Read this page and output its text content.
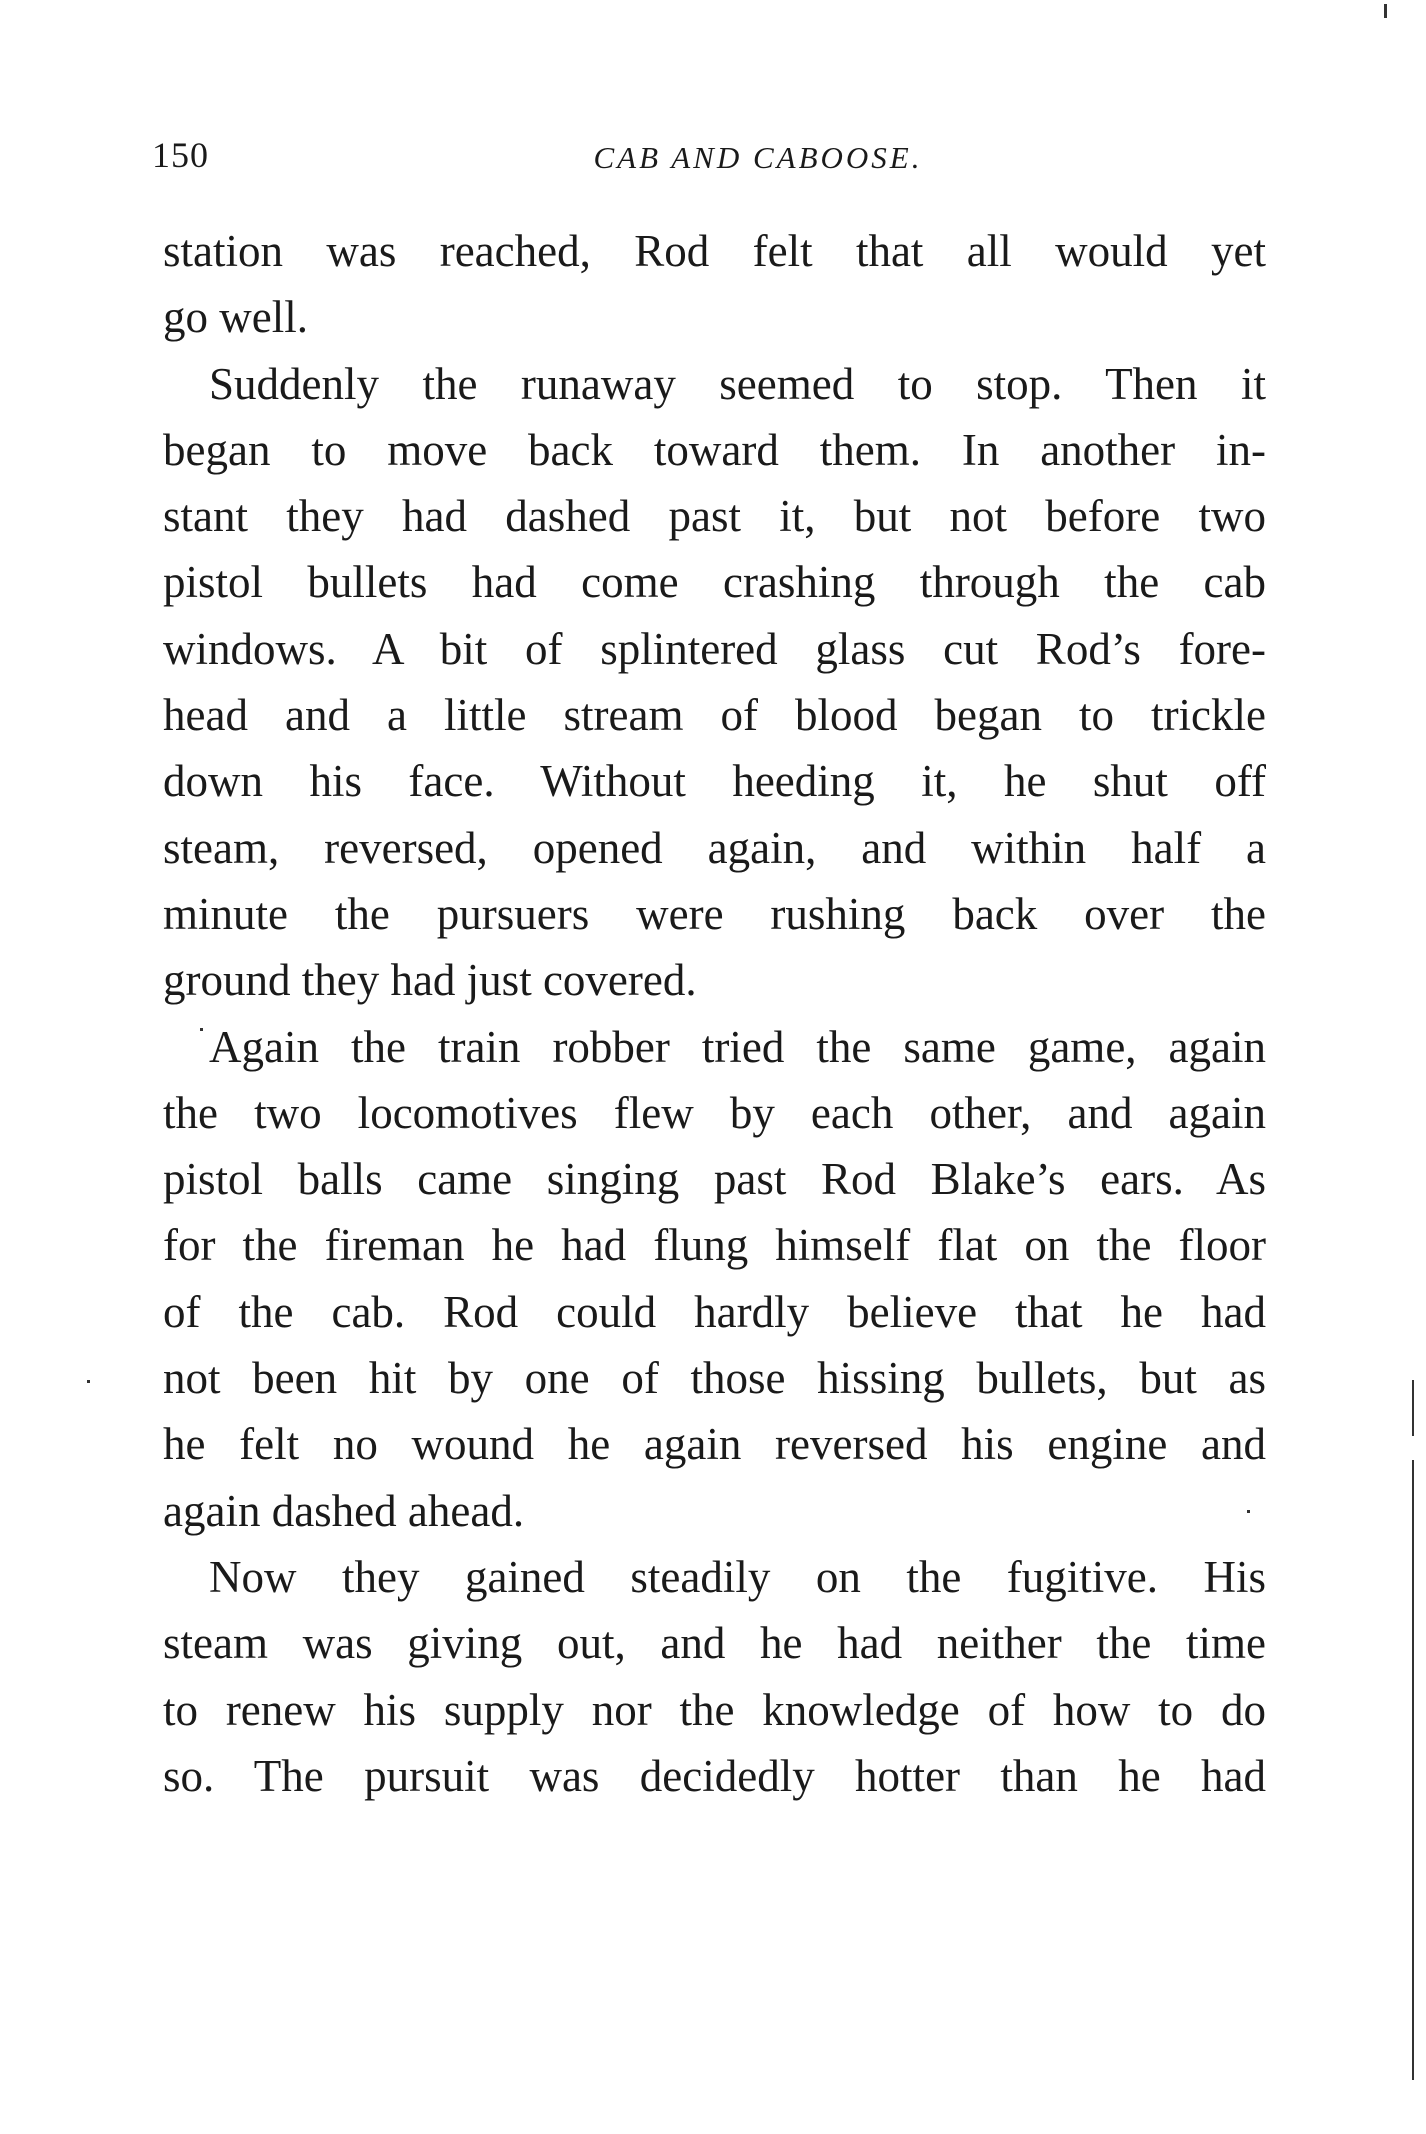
150	CAB AND CABOOSE.
station was reached, Rod felt that all would yet
go well.
Suddenly the runaway seemed to stop. Then it
began to move back toward them. In another in-
stant they had dashed past it, but not before two
pistol bullets had come crashing through the cab
windows. A bit of splintered glass cut Rod’s fore-
head and a little stream of blood began to trickle
down his face. Without heeding it, he shut off
steam, reversed, opened again, and within half a
minute the pursuers were rushing back over the
ground they had just covered.
Again the train robber tried the same game, again
the two locomotives flew by each other, and again
pistol balls came singing past Rod Blake’s ears. As
for the fireman he had flung himself flat on the floor
of the cab. Rod could hardly believe that he had
not been hit by one of those hissing bullets, but as
he felt no wound he again reversed his engine and
again dashed ahead.
Now they gained steadily on the fugitive. His
steam was giving out, and he had neither the time
to renew his supply nor the knowledge of how to do
so. The pursuit was decidedly hotter than he had
